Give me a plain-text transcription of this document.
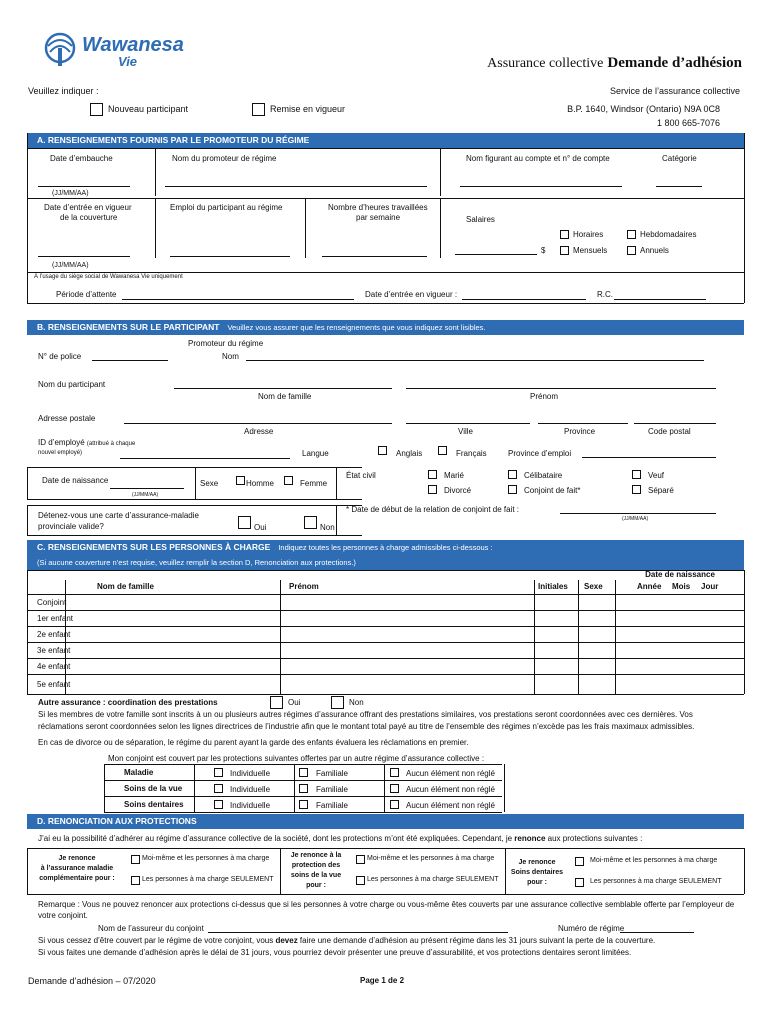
Wawanesa
Vie	Assurance collective Demande d’adhésion
Veuillez indiquer :
Nouveau participant	Remise en vigueur
Service de l’assurance collective
B.P. 1640, Windsor (Ontario) N9A 0C8
1 800 665-7076
A. RENSEIGNEMENTS FOURNIS PAR LE PROMOTEUR DU RÉGIME
Date d’embauche	Nom du promoteur de régime	Nom figurant au compte et n° de compte	Catégorie
(JJ/MM/AA)
Date d’entrée en vigueur
de la couverture
Emploi du participant au régime	Nombre d’heures travaillées
par semaine	Salaires
Horaires	Hebdomadaires
$	Mensuels	Annuels
(JJ/MM/AA)
À l’usage du siège social de Wawanesa Vie uniquement
Période d’attente	Date d’entrée en vigueur :	R.C.
B. RENSEIGNEMENTS SUR LE PARTICIPANT Veuillez vous assurer que les renseignements que vous indiquez sont lisibles.
Promoteur du régime
N° de police	Nom
Nom du participant
Nom de famille	Prénom
Adresse postale
Adresse	Ville	Province	Code postal
ID d’employé (attribué à chaque
nouvel employé)	Langue	Anglais	Français	Province d’emploi
Date de naissance
(JJ/MM/AA)
Sexe	Homme	Femme
État civil	Marié	Célibataire	Veuf
Divorcé	Conjoint de fait*	Séparé
Détenez-vous une carte d’assurance-maladie
provinciale valide?	Oui	Non
* Date de début de la relation de conjoint de fait :
(JJ/MM/AA)
C. RENSEIGNEMENTS SUR LES PERSONNES À CHARGE Indiquez toutes les personnes à charge admissibles ci-dessous :
(Si aucune couverture n’est requise, veuillez remplir la section D, Renonciation aux protections.)
Date de naissance
Nom de famille	Prénom	Initiales Sexe	Année Mois Jour
Conjoint
1er enfant
2e enfant
3e enfant
4e enfant
5e enfant
Autre assurance : coordination des prestations	Oui	Non
Si les membres de votre famille sont inscrits à un ou plusieurs autres régimes d’assurance offrant des prestations similaires, vos prestations seront coordonnées avec ces dernières. Vos réclamations seront coordonnées selon les lignes directrices de l’industrie afin que le montant total payé au titre de l’ensemble des régimes n’excède pas les frais maximaux admissibles.
En cas de divorce ou de séparation, le régime du parent ayant la garde des enfants évaluera les réclamations en premier.
Mon conjoint est couvert par les protections suivantes offertes par un autre régime d’assurance collective :
Maladie	Individuelle	Familiale	Aucun élément non réglé
Soins de la vue	Individuelle	Familiale	Aucun élément non réglé
Soins dentaires	Individuelle	Familiale	Aucun élément non réglé
D. RENONCIATION AUX PROTECTIONS
J’ai eu la possibilité d’adhérer au régime d’assurance collective de la société, dont les protections m’ont été expliquées. Cependant, je renonce aux protections suivantes :
Je renonce
à l’assurance maladie
complémentaire pour :
Moi-même et les personnes à ma charge
Les personnes à ma charge SEULEMENT
Je renonce à la
protection des
soins de la vue
pour :
Moi-même et les personnes à ma charge
Les personnes à ma charge SEULEMENT
Je renonce
Soins dentaires
pour :
Moi-même et les personnes à ma charge
Les personnes à ma charge SEULEMENT
Remarque : Vous ne pouvez renoncer aux protections ci-dessus que si les personnes à votre charge ou vous-même êtes couverts par une assurance collective semblable offerte par l’employeur de votre conjoint.
Nom de l’assureur du conjoint	Numéro de régime
Si vous cessez d’être couvert par le régime de votre conjoint, vous devez faire une demande d’adhésion au présent régime dans les 31 jours suivant la perte de la couverture.
Si vous faites une demande d’adhésion après le délai de 31 jours, vous pourriez devoir présenter une preuve d’assurabilité, et vos protections dentaires seront limitées.
Demande d’adhésion – 07/2020	Page 1 de 2
